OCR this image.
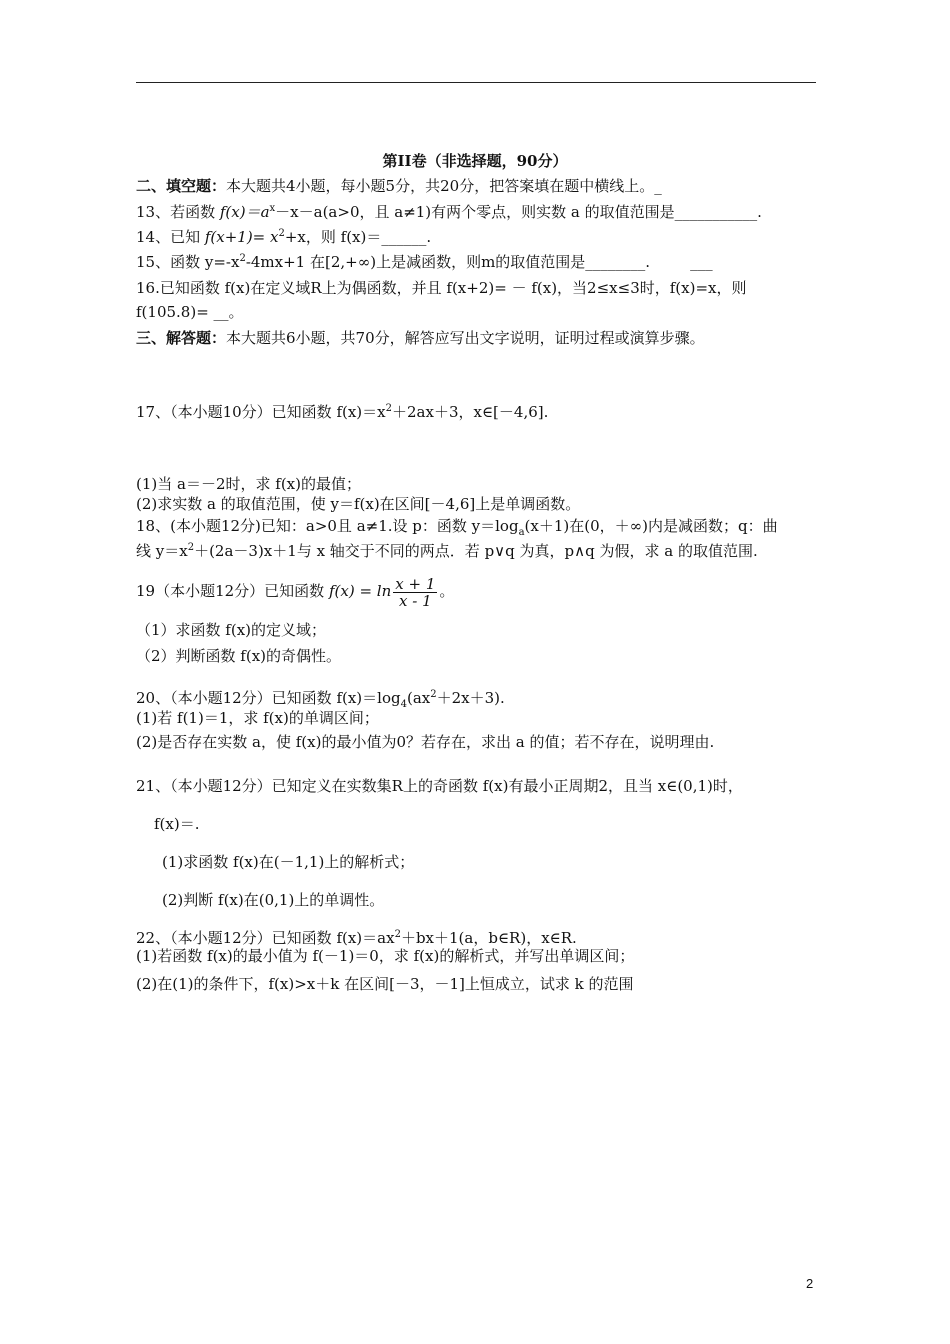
第II卷（非选择题，90分）
二、填空题：本大题共4小题，每小题5分，共20分，把答案填在题中横线上。_
13、若函数 $f(x)=a^x-x-a(a>0$，且 a≠1)有两个零点，则实数 a 的取值范围是___________.
14、已知 $f(x+1)= x^2+x$，则 f(x)＝______.
15、函数 $y=-x^2-4mx+1$ 在[2,+∞)上是减函数，则m的取值范围是________.	___
16.已知函数 f(x)在定义域R上为偶函数，并且 f(x+2)= － f(x)，当2≤x≤3时，f(x)=x，则
f(105.8)= __。
三、解答题：本大题共6小题，共70分，解答应写出文字说明，证明过程或演算步骤。
17、（本小题10分）已知函数 $f(x)=x^2+2ax+3$，x∈[－4,6].
(1)当 a＝－2时，求 f(x)的最值；
(2)求实数 a 的取值范围，使 y＝f(x)在区间[－4,6]上是单调函数。
18、(本小题12分)已知：a>0且 a≠1.设 p：函数 $y=\log_a(x+1)$在(0，＋∞)内是减函数；q：曲
线 $y=x^2+(2a-3)x+1$与 x 轴交于不同的两点．若 p∨q 为真，p∧q 为假，求 a 的取值范围.
19（本小题12分）已知函数 $f(x) = \ln \frac{x + 1}{x - 1}$ 。
（1）求函数 f(x)的定义域；
（2）判断函数 f(x)的奇偶性。
20、（本小题12分）已知函数 $f(x)=\log_4(ax^2+2x+3)$.
(1)若 f(1)＝1，求 f(x)的单调区间；
(2)是否存在实数 a，使 f(x)的最小值为0？若存在，求出 a 的值；若不存在，说明理由.
21、（本小题12分）已知定义在实数集R上的奇函数 f(x)有最小正周期2，且当 x∈(0,1)时，
f(x)＝.
(1)求函数 f(x)在(－1,1)上的解析式；
(2)判断 f(x)在(0,1)上的单调性。
22、（本小题12分）已知函数 $f(x)=ax^2+bx+1(a$，b∈R)，x∈R.
(1)若函数 f(x)的最小值为 f(－1)＝0，求 f(x)的解析式，并写出单调区间；
(2)在(1)的条件下，f(x)>x＋k 在区间[－3，－1]上恒成立，试求 k 的范围
2
